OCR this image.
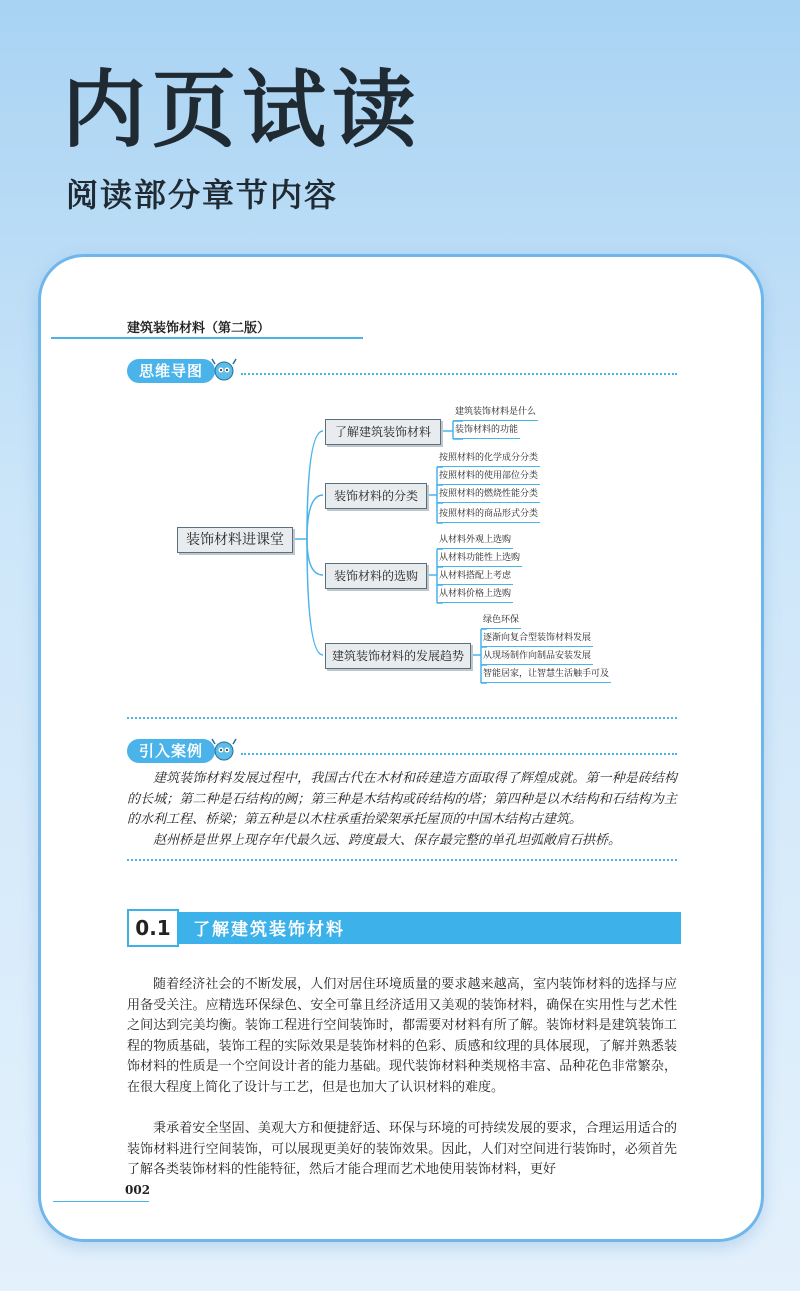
内页试读
阅读部分章节内容
建筑装饰材料（第二版）
思维导图
装饰材料进课堂
了解建筑装饰材料
装饰材料的分类
装饰材料的选购
建筑装饰材料的发展趋势
建筑装饰材料是什么
装饰材料的功能
按照材料的化学成分分类
按照材料的使用部位分类
按照材料的燃烧性能分类
按照材料的商品形式分类
从材料外观上选购
从材料功能性上选购
从材料搭配上考虑
从材料价格上选购
绿色环保
逐渐向复合型装饰材料发展
从现场制作向制品安装发展
智能居家，让智慧生活触手可及
引入案例
建筑装饰材料发展过程中，我国古代在木材和砖建造方面取得了辉煌成就。第一种是砖结构的长城；第二种是石结构的阙；第三种是木结构或砖结构的塔；第四种是以木结构和石结构为主的水利工程、桥梁；第五种是以木柱承重抬梁架承托屋顶的中国木结构古建筑。
赵州桥是世界上现存年代最久远、跨度最大、保存最完整的单孔坦弧敞肩石拱桥。
0.1	了解建筑装饰材料
随着经济社会的不断发展，人们对居住环境质量的要求越来越高，室内装饰材料的选择与应用备受关注。应精选环保绿色、安全可靠且经济适用又美观的装饰材料，确保在实用性与艺术性之间达到完美均衡。装饰工程进行空间装饰时，都需要对材料有所了解。装饰材料是建筑装饰工程的物质基础，装饰工程的实际效果是装饰材料的色彩、质感和纹理的具体展现，了解并熟悉装饰材料的性质是一个空间设计者的能力基础。现代装饰材料种类规格丰富、品种花色非常繁杂，在很大程度上简化了设计与工艺，但是也加大了认识材料的难度。
秉承着安全坚固、美观大方和便捷舒适、环保与环境的可持续发展的要求，合理运用适合的装饰材料进行空间装饰，可以展现更美好的装饰效果。因此，人们对空间进行装饰时，必须首先了解各类装饰材料的性能特征，然后才能合理而艺术地使用装饰材料，更好
002
